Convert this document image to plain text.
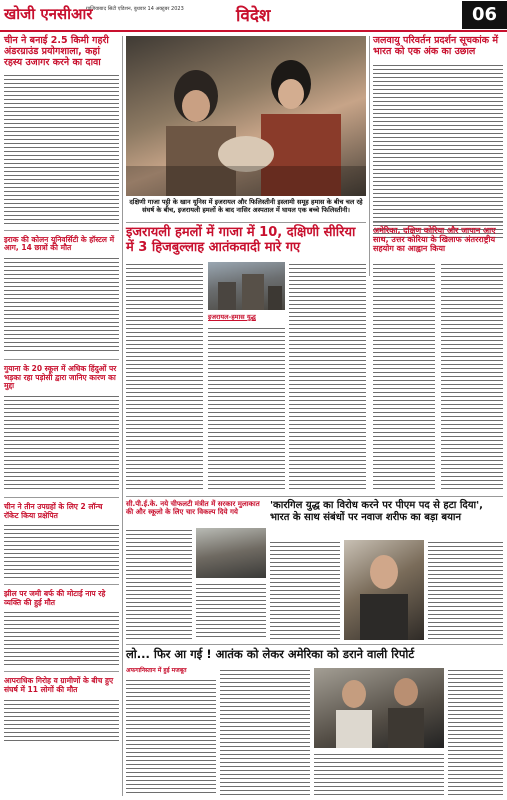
खोजी एनसीआर
गाजियाबाद सिटी एडिशन, बुधवार 14 अक्टूबर 2023	विदेश	06
चीन ने बनाई 2.5 किमी गहरी अंडरग्राउंड प्रयोगशाला, कहां रहस्य उजागर करने का दावा
इराक की कोलन यूनिवर्सिटी के हॉस्टल में आग, 14 छात्रों की मौत
गुयाना के 20 स्कूल में अधिक हिंदुओं पर भड़का रहा पड़ोसी द्वारा जानिए कारण का मुद्दा
चीन ने तीन उपग्रहों के लिए 2 लॉन्च रॉकेट किया प्रक्षेपित
झील पर जमी बर्फ की मोटाई नाप रहे व्यक्ति की हुई मौत
आपराधिक गिरोह व ग्रामीणों के बीच हुए संघर्ष में 11 लोगों की मौत
दक्षिणी गाजा पट्टी के खान यूनिस में इजरायल और फिलिस्तीनी इस्लामी समूह हमास के बीच चल रहे संघर्ष के बीच, इजरायली हमलों के बाद नासिर अस्पताल में घायल एक बच्चे फिलिस्तीनी।
जलवायु परिवर्तन प्रदर्शन सूचकांक में भारत को एक अंक का उछाल
इजरायली हमलों में गाजा में 10, दक्षिणी सीरिया में 3 हिजबुल्लाह आतंकवादी मारे गए
अमेरिका, दक्षिण कोरिया और जापान आए साथ, उत्तर कोरिया के खिलाफ अंतरराष्ट्रीय सहयोग का आह्वान किया
इजरायल-हमास युद्ध
सी.पी.ई.के. नये चीफलटी मंत्रीत में सरकार मुलाकात की और स्कूलो के लिए चार विकल्प दिये गये
'कारगिल युद्ध का विरोध करने पर पीएम पद से हटा दिया', भारत के साथ संबंधों पर नवाज शरीफ का बड़ा बयान
लो... फिर आ गई ! आतंक को लेकर अमेरिका को डराने वाली रिपोर्ट
अफगानिस्तान में हुई मजबूत
